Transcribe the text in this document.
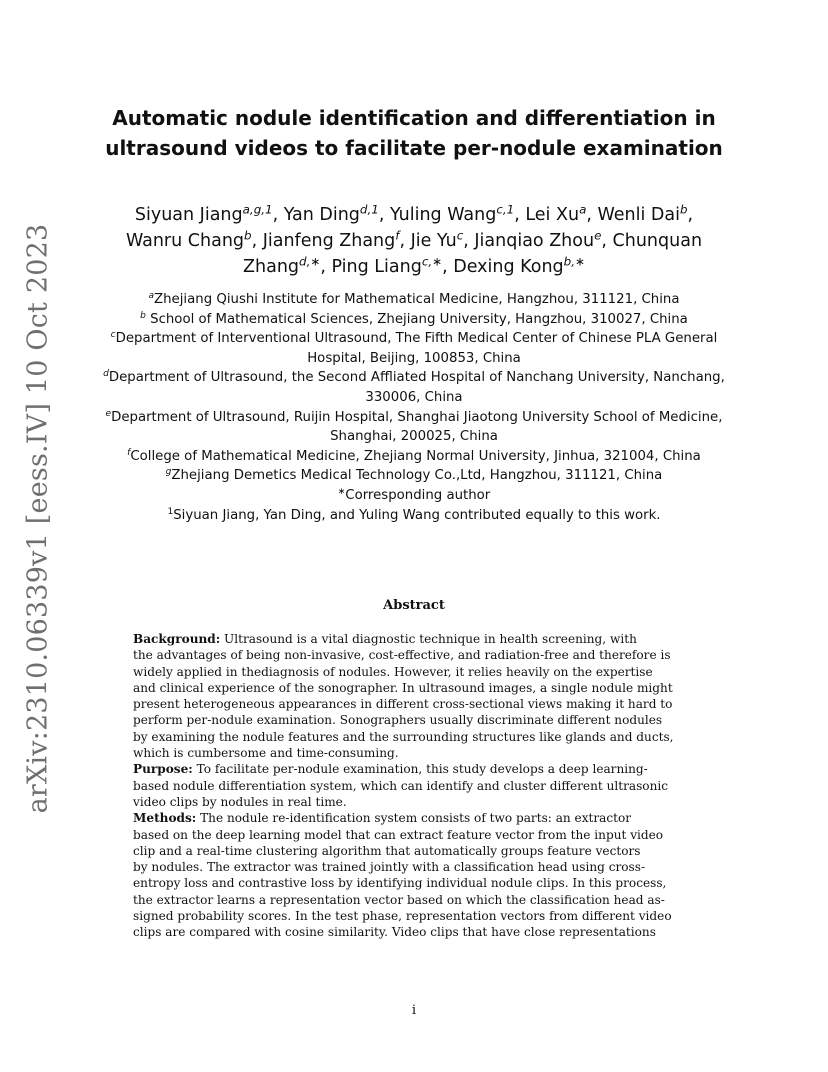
arXiv:2310.06339v1 [eess.IV] 10 Oct 2023
Automatic nodule identification and differentiation in
ultrasound videos to facilitate per-nodule examination
Siyuan Jiang$^{a,g,1}$, Yan Ding$^{d,1}$, Yuling Wang$^{c,1}$, Lei Xu$^a$, Wenli Dai$^b$,
Wanru Chang$^b$, Jianfeng Zhang$^f$, Jie Yu$^c$, Jianqiao Zhou$^e$, Chunquan
Zhang$^{d,∗}$, Ping Liang$^{c,∗}$, Dexing Kong$^{b,∗}$
$^a$Zhejiang Qiushi Institute for Mathematical Medicine, Hangzhou, 311121, China
$^b$ School of Mathematical Sciences, Zhejiang University, Hangzhou, 310027, China
$^c$Department of Interventional Ultrasound, The Fifth Medical Center of Chinese PLA General
Hospital, Beijing, 100853, China
$^d$Department of Ultrasound, the Second Affliated Hospital of Nanchang University, Nanchang,
330006, China
$^e$Department of Ultrasound, Ruijin Hospital, Shanghai Jiaotong University School of Medicine,
Shanghai, 200025, China
$^f$College of Mathematical Medicine, Zhejiang Normal University, Jinhua, 321004, China
$^g$Zhejiang Demetics Medical Technology Co.,Ltd, Hangzhou, 311121, China
∗Corresponding author
$^1$Siyuan Jiang, Yan Ding, and Yuling Wang contributed equally to this work.
Abstract
Background: Ultrasound is a vital diagnostic technique in health screening, with
the advantages of being non-invasive, cost-effective, and radiation-free and therefore is
widely applied in thediagnosis of nodules. However, it relies heavily on the expertise
and clinical experience of the sonographer. In ultrasound images, a single nodule might
present heterogeneous appearances in different cross-sectional views making it hard to
perform per-nodule examination. Sonographers usually discriminate different nodules
by examining the nodule features and the surrounding structures like glands and ducts,
which is cumbersome and time-consuming.
Purpose: To facilitate per-nodule examination, this study develops a deep learning-
based nodule differentiation system, which can identify and cluster different ultrasonic
video clips by nodules in real time.
Methods: The nodule re-identification system consists of two parts: an extractor
based on the deep learning model that can extract feature vector from the input video
clip and a real-time clustering algorithm that automatically groups feature vectors
by nodules. The extractor was trained jointly with a classification head using cross-
entropy loss and contrastive loss by identifying individual nodule clips. In this process,
the extractor learns a representation vector based on which the classification head as-
signed probability scores. In the test phase, representation vectors from different video
clips are compared with cosine similarity. Video clips that have close representations
i
